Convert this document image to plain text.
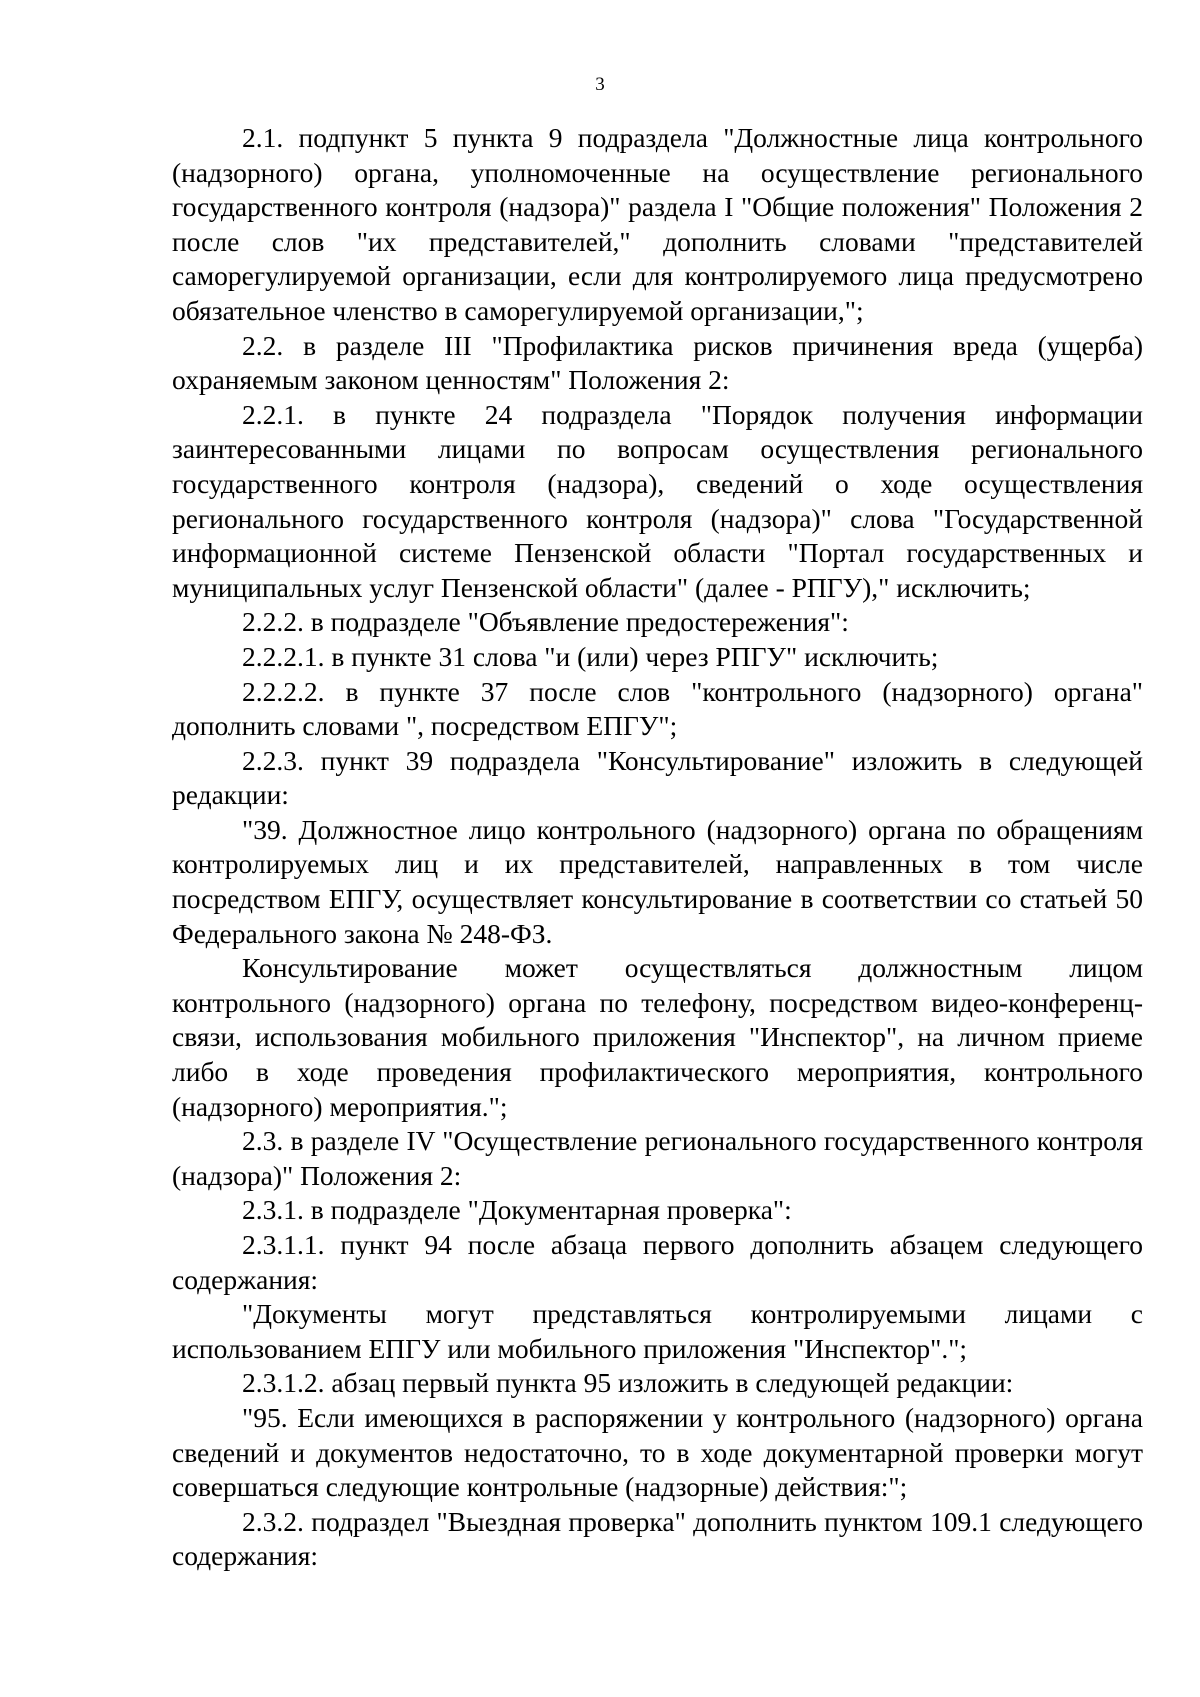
3

2.1. подпункт 5 пункта 9 подраздела "Должностные лица контрольного (надзорного) органа, уполномоченные на осуществление регионального государственного контроля (надзора)" раздела I "Общие положения" Положения 2 после слов "их представителей," дополнить словами "представителей саморегулируемой организации, если для контролируемого лица предусмотрено обязательное членство в саморегулируемой организации,";

2.2. в разделе III "Профилактика рисков причинения вреда (ущерба) охраняемым законом ценностям" Положения 2:

2.2.1. в пункте 24 подраздела "Порядок получения информации заинтересованными лицами по вопросам осуществления регионального государственного контроля (надзора), сведений о ходе осуществления регионального государственного контроля (надзора)" слова "Государственной информационной системе Пензенской области "Портал государственных и муниципальных услуг Пензенской области" (далее - РПГУ)," исключить;

2.2.2. в подразделе "Объявление предостережения":

2.2.2.1. в пункте 31 слова "и (или) через РПГУ" исключить;

2.2.2.2. в пункте 37 после слов "контрольного (надзорного) органа" дополнить словами ", посредством ЕПГУ";

2.2.3. пункт 39 подраздела "Консультирование" изложить в следующей редакции:

"39. Должностное лицо контрольного (надзорного) органа по обращениям контролируемых лиц и их представителей, направленных в том числе посредством ЕПГУ, осуществляет консультирование в соответствии со статьей 50 Федерального закона № 248-ФЗ.

Консультирование может осуществляться должностным лицом контрольного (надзорного) органа по телефону, посредством видео-конференц-связи, использования мобильного приложения "Инспектор", на личном приеме либо в ходе проведения профилактического мероприятия, контрольного (надзорного) мероприятия.";

2.3. в разделе IV "Осуществление регионального государственного контроля (надзора)" Положения 2:

2.3.1. в подразделе "Документарная проверка":

2.3.1.1. пункт 94 после абзаца первого дополнить абзацем следующего содержания:

"Документы могут представляться контролируемыми лицами с использованием ЕПГУ или мобильного приложения "Инспектор".";

2.3.1.2. абзац первый пункта 95 изложить в следующей редакции:

"95. Если имеющихся в распоряжении у контрольного (надзорного) органа сведений и документов недостаточно, то в ходе документарной проверки могут совершаться следующие контрольные (надзорные) действия:";

2.3.2. подраздел "Выездная проверка" дополнить пунктом 109.1 следующего содержания:
